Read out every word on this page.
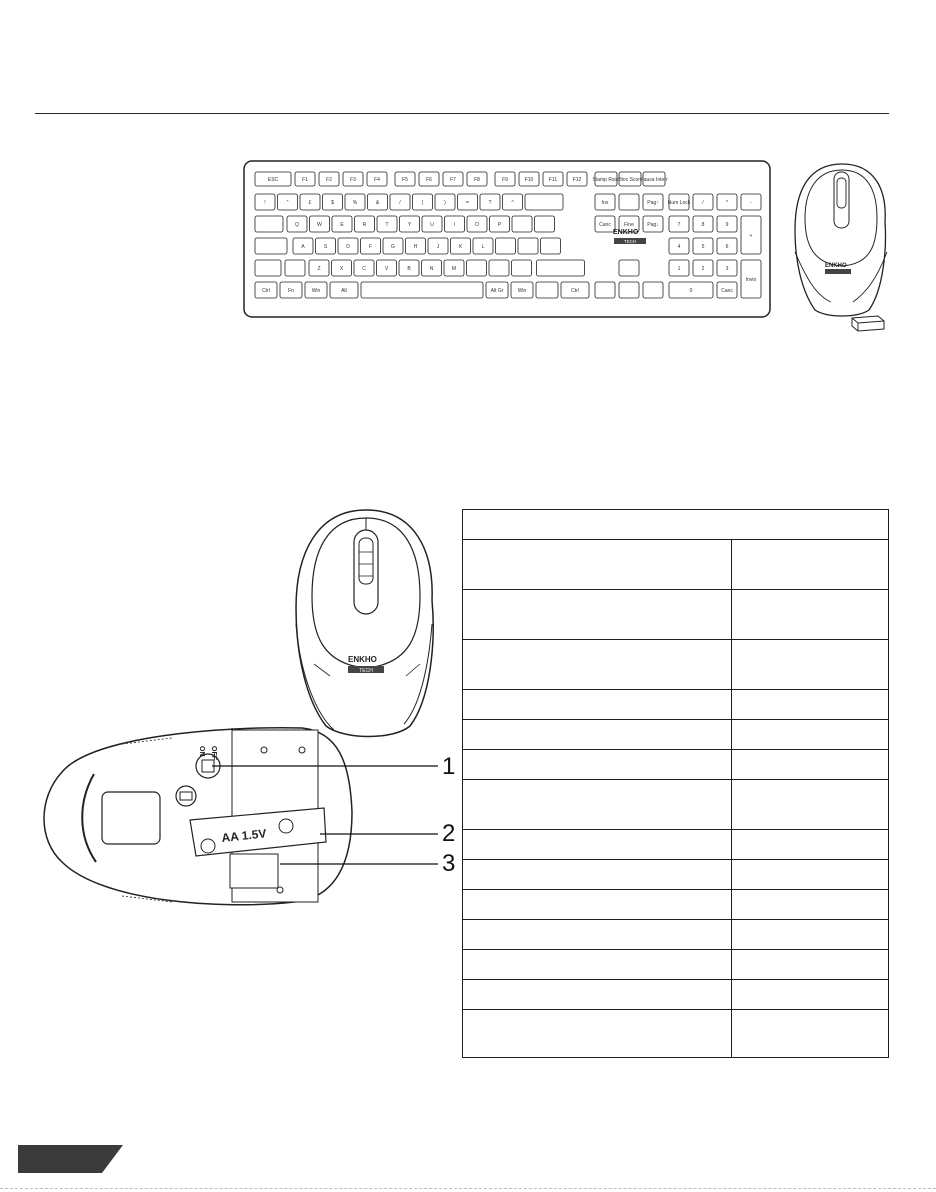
ESC	F1	F2	F3	F4	F5	F6	F7	F8	F9	F10	F11	F12 Stamp Rsist
Bloc Scorr
Pausa Interr
!	"	£	$	%	&	/	(	)	=	?	^
Q	W	E	R	T	Y	U	I	O	P
A	S	D	F	G	H	J	K	L
Z	X	C	V	B	N	M
Ctrl	Fn	Win	Alt	Alt Gr	Win	Ctrl
Ins	Pag↑
Canc	Fine	Pag↓
Num Lock /	*	-
7	8	9
+
4	5	6
1	2	3
Invio
0	Canc
ENKHO
TECH
ENKHO
ENKHO
TECH
ON OFF
AA 1.5V
1
2
3
